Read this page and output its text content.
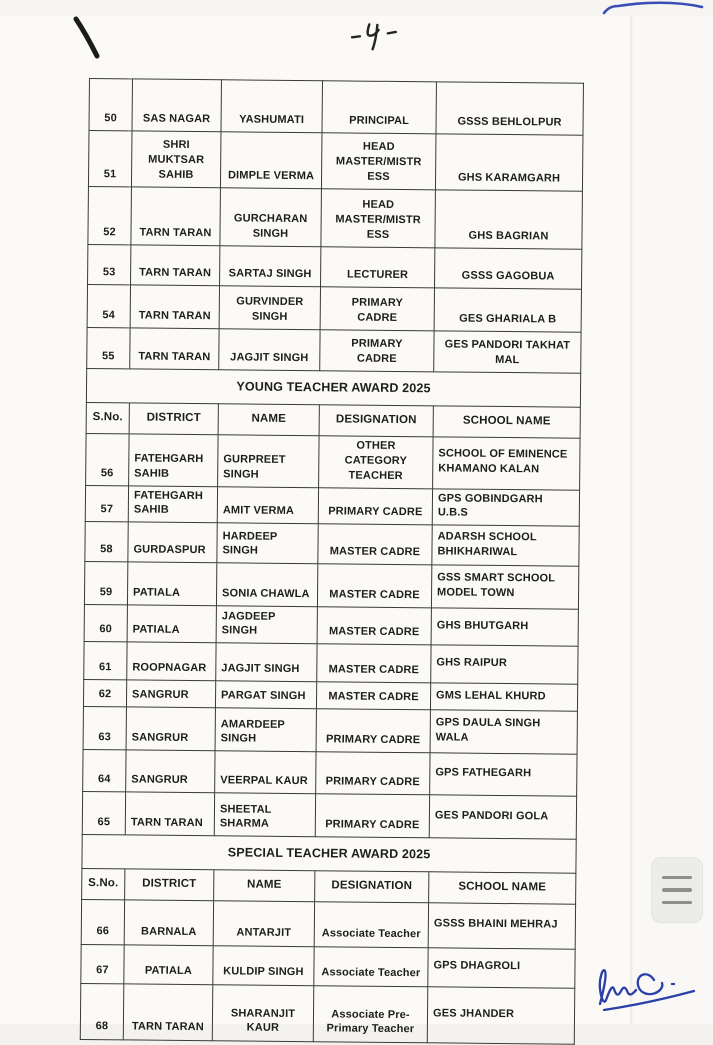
50	SAS NAGAR	YASHUMATI	PRINCIPAL	GSSS BEHLOLPUR
51	SHRI
MUKTSAR
SAHIB	DIMPLE VERMA	HEAD
MASTER/MISTR
ESS	GHS KARAMGARH
52	TARN TARAN	GURCHARAN
SINGH	HEAD
MASTER/MISTR
ESS	GHS BAGRIAN
53	TARN TARAN	SARTAJ SINGH	LECTURER	GSSS GAGOBUA
54	TARN TARAN	GURVINDER
SINGH	PRIMARY
CADRE	GES GHARIALA B
55	TARN TARAN	JAGJIT SINGH	PRIMARY
CADRE	GES PANDORI TAKHAT MAL
YOUNG TEACHER AWARD 2025				
S.No.	DISTRICT	NAME	DESIGNATION	SCHOOL NAME
56	FATEHGARH
SAHIB	GURPREET
SINGH	OTHER CATEGORY
TEACHER	SCHOOL OF EMINENCE
KHAMANO KALAN
57	FATEHGARH
SAHIB	AMIT VERMA	PRIMARY CADRE	GPS GOBINDGARH U.B.S
58	GURDASPUR	HARDEEP
SINGH	MASTER CADRE	ADARSH SCHOOL
BHIKHARIWAL
59	PATIALA	SONIA CHAWLA	MASTER CADRE	GSS SMART SCHOOL
MODEL TOWN
60	PATIALA	JAGDEEP SINGH	MASTER CADRE	GHS BHUTGARH
61	ROOPNAGAR	JAGJIT SINGH	MASTER CADRE	GHS RAIPUR
62	SANGRUR	PARGAT SINGH	MASTER CADRE	GMS LEHAL KHURD
63	SANGRUR	AMARDEEP
SINGH	PRIMARY CADRE	GPS DAULA SINGH
WALA
64	SANGRUR	VEERPAL KAUR	PRIMARY CADRE	GPS FATHEGARH
65	TARN TARAN	SHEETAL
SHARMA	PRIMARY CADRE	GES PANDORI GOLA
SPECIAL TEACHER AWARD 2025				
S.No.	DISTRICT	NAME	DESIGNATION	SCHOOL NAME
66	BARNALA	ANTARJIT	Associate Teacher	GSSS BHAINI MEHRAJ
67	PATIALA	KULDIP SINGH	Associate Teacher	GPS DHAGROLI
68	TARN TARAN	SHARANJIT
KAUR	Associate Pre-
Primary Teacher	GES JHANDER
